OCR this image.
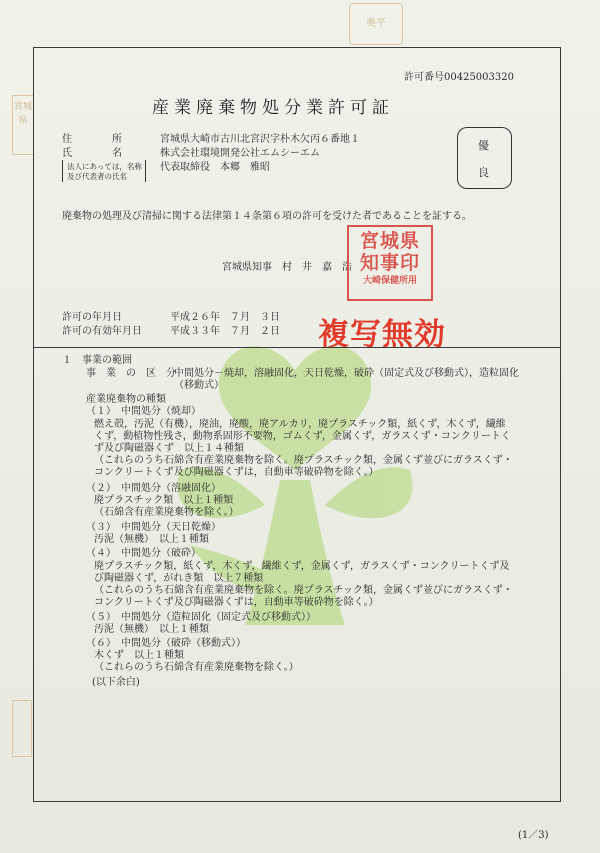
奥平
宮城県
許可番号00425003320
産業廃棄物処分業許可証
住　　　　所	宮城県大崎市古川北宮沢字朴木欠丙６番地１
氏　　　　名	株式会社環境開発公社エムシーエム
法人にあっては，名称
及び代表者の氏名
代表取締役　本郷　雅昭
優
良
廃棄物の処理及び清掃に関する法律第１４条第６項の許可を受けた者であることを証する。
宮城県知事　村　井　嘉　浩
宮城県
知事印
大崎保健所用
許可の年月日	平成２６年　７月　３日
許可の有効年月日	平成３３年　７月　２日 複写無効
１　事業の範囲
事　業　の　区　分
中間処分－焼却，溶融固化，天日乾燥，破砕（固定式及び移動式），造粒固化
（移動式）
産業廃棄物の種類
（１）　中間処分（焼却）
燃え殻，汚泥（有機），廃油，廃酸，廃アルカリ，廃プラスチック類，紙くず，木くず，繊維
くず，動植物性残さ，動物系固形不要物，ゴムくず，金属くず，ガラスくず・コンクリートく
ず及び陶磁器くず　以上１４種類
（これらのうち石綿含有産業廃棄物を除く。廃プラスチック類，金属くず並びにガラスくず・
コンクリートくず及び陶磁器くずは，自動車等破砕物を除く。）
（２）　中間処分（溶融固化）
廃プラスチック類　以上１種類
（石綿含有産業廃棄物を除く。）
（３）　中間処分（天日乾燥）
汚泥（無機）　以上１種類
（４）　中間処分（破砕）
廃プラスチック類，紙くず，木くず，繊維くず，金属くず，ガラスくず・コンクリートくず及
び陶磁器くず，がれき類　以上７種類
（これらのうち石綿含有産業廃棄物を除く。廃プラスチック類，金属くず並びにガラスくず・
コンクリートくず及び陶磁器くずは，自動車等破砕物を除く。）
（５）　中間処分（造粒固化（固定式及び移動式））
汚泥（無機）　以上１種類
（６）　中間処分（破砕（移動式））
木くず　以上１種類
（これらのうち石綿含有産業廃棄物を除く。）
(以下余白)
(1／3)
